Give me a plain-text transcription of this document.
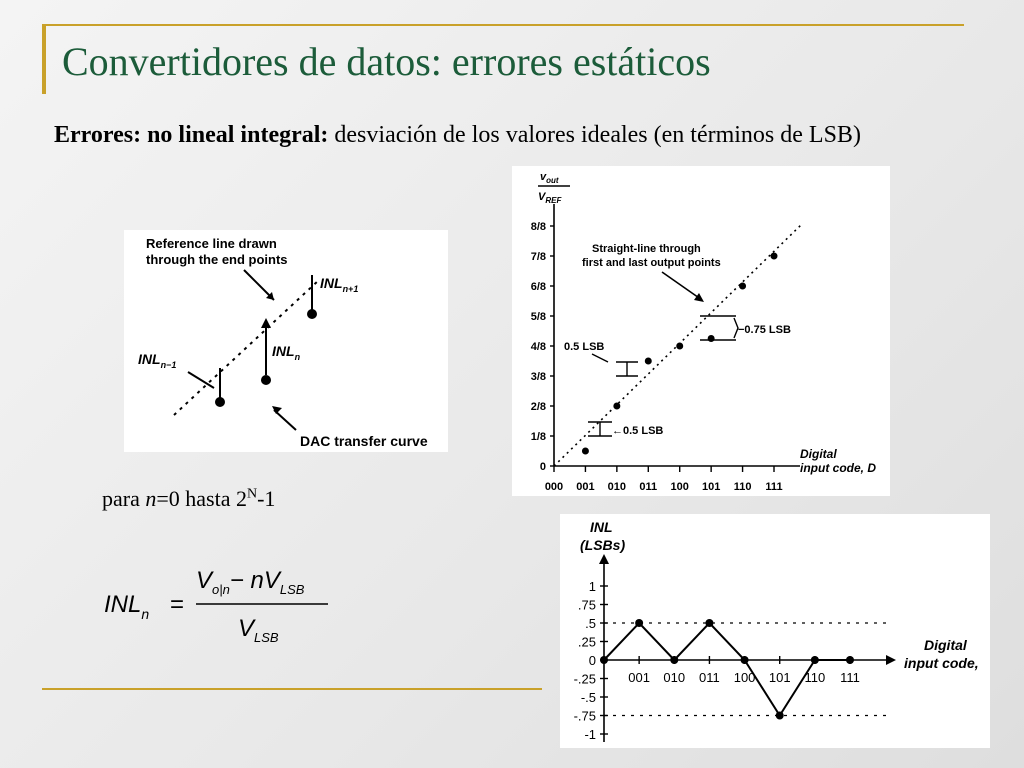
Convertidores de datos: errores estáticos
Errores: no lineal integral: desviación de los valores ideales (en términos de LSB)
Reference line drawn
through the end points
$INL_{n+1}$
$INL_n$
$INL_{n-1}$
DAC transfer curve
$v_{out}$
$V_{REF}$
8/8
7/8
6/8
5/8
4/8
3/8
2/8
1/8
0
000 001 010 011 100 101 110 111
Digital
input code, D
Straight-line through
first and last output points
−0.75 LSB
0.5 LSB
←0.5 LSB
INL
(LSBs)
1
.75
.5
.25
0
-.25
-.5
-.75
-1
001 010 011 100 101 110 111
Digital
input code,
para n=0 hasta $2^N-1$
$INL_n$ =
$V_{o|n}- nV_{LSB}$
$V_{LSB}$
